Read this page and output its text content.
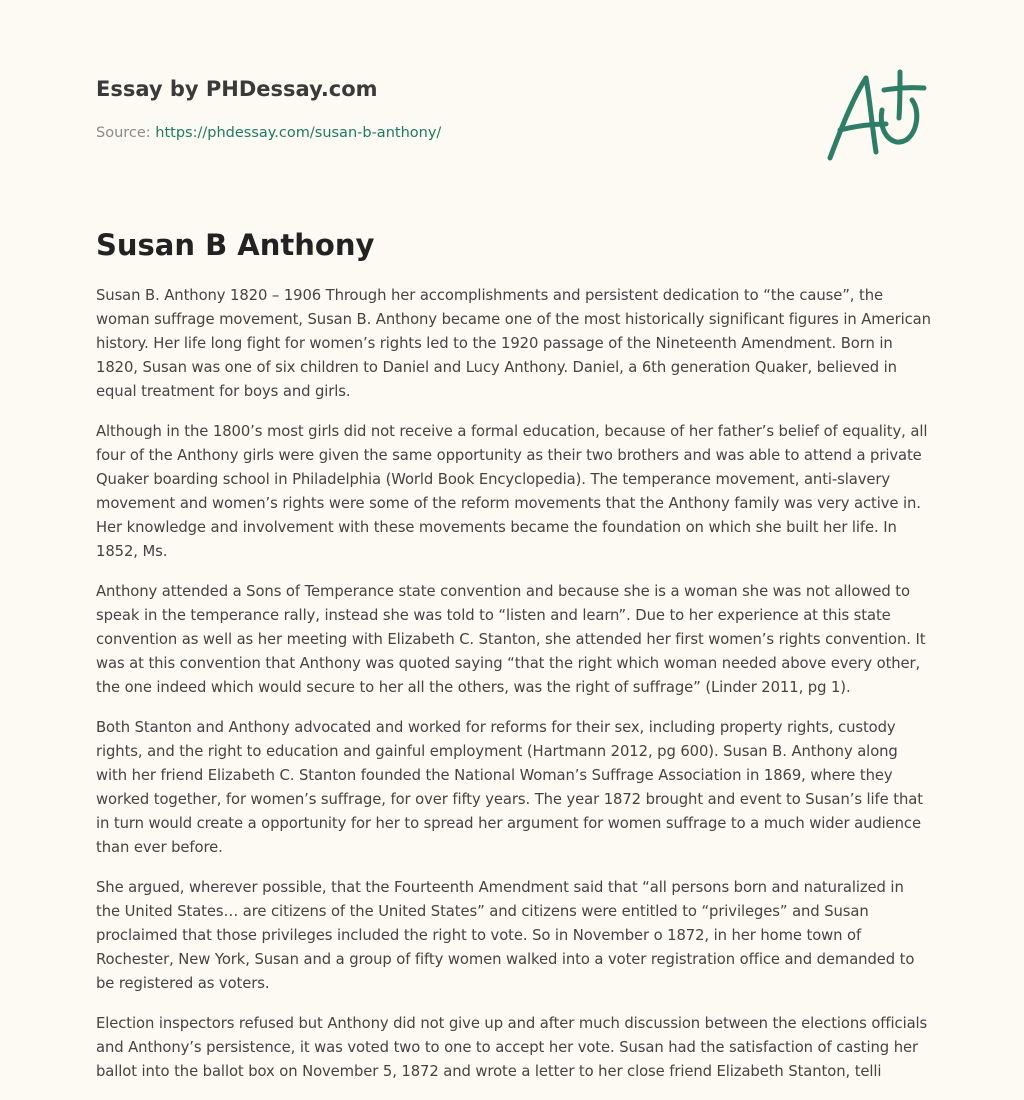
Essay by PHDessay.com
Source: https://phdessay.com/susan-b-anthony/
Susan B Anthony

Susan B. Anthony 1820 – 1906 Through her accomplishments and persistent dedication to “the cause”, the woman suffrage movement, Susan B. Anthony became one of the most historically significant figures in American history. Her life long fight for women’s rights led to the 1920 passage of the Nineteenth Amendment. Born in 1820, Susan was one of six children to Daniel and Lucy Anthony. Daniel, a 6th generation Quaker, believed in equal treatment for boys and girls.

Although in the 1800’s most girls did not receive a formal education, because of her father’s belief of equality, all four of the Anthony girls were given the same opportunity as their two brothers and was able to attend a private Quaker boarding school in Philadelphia (World Book Encyclopedia). The temperance movement, anti-slavery movement and women’s rights were some of the reform movements that the Anthony family was very active in. Her knowledge and involvement with these movements became the foundation on which she built her life. In 1852, Ms.

Anthony attended a Sons of Temperance state convention and because she is a woman she was not allowed to speak in the temperance rally, instead she was told to “listen and learn”. Due to her experience at this state convention as well as her meeting with Elizabeth C. Stanton, she attended her first women’s rights convention. It was at this convention that Anthony was quoted saying “that the right which woman needed above every other, the one indeed which would secure to her all the others, was the right of suffrage” (Linder 2011, pg 1).

Both Stanton and Anthony advocated and worked for reforms for their sex, including property rights, custody rights, and the right to education and gainful employment (Hartmann 2012, pg 600). Susan B. Anthony along with her friend Elizabeth C. Stanton founded the National Woman’s Suffrage Association in 1869, where they worked together, for women’s suffrage, for over fifty years. The year 1872 brought and event to Susan’s life that in turn would create a opportunity for her to spread her argument for women suffrage to a much wider audience than ever before.

She argued, wherever possible, that the Fourteenth Amendment said that “all persons born and naturalized in the United States… are citizens of the United States” and citizens were entitled to “privileges” and Susan proclaimed that those privileges included the right to vote. So in November o 1872, in her home town of Rochester, New York, Susan and a group of fifty women walked into a voter registration office and demanded to be registered as voters.

Election inspectors refused but Anthony did not give up and after much discussion between the elections officials and Anthony’s persistence, it was voted two to one to accept her vote. Susan had the satisfaction of casting her ballot into the ballot box on November 5, 1872 and wrote a letter to her close friend Elizabeth Stanton, telli
